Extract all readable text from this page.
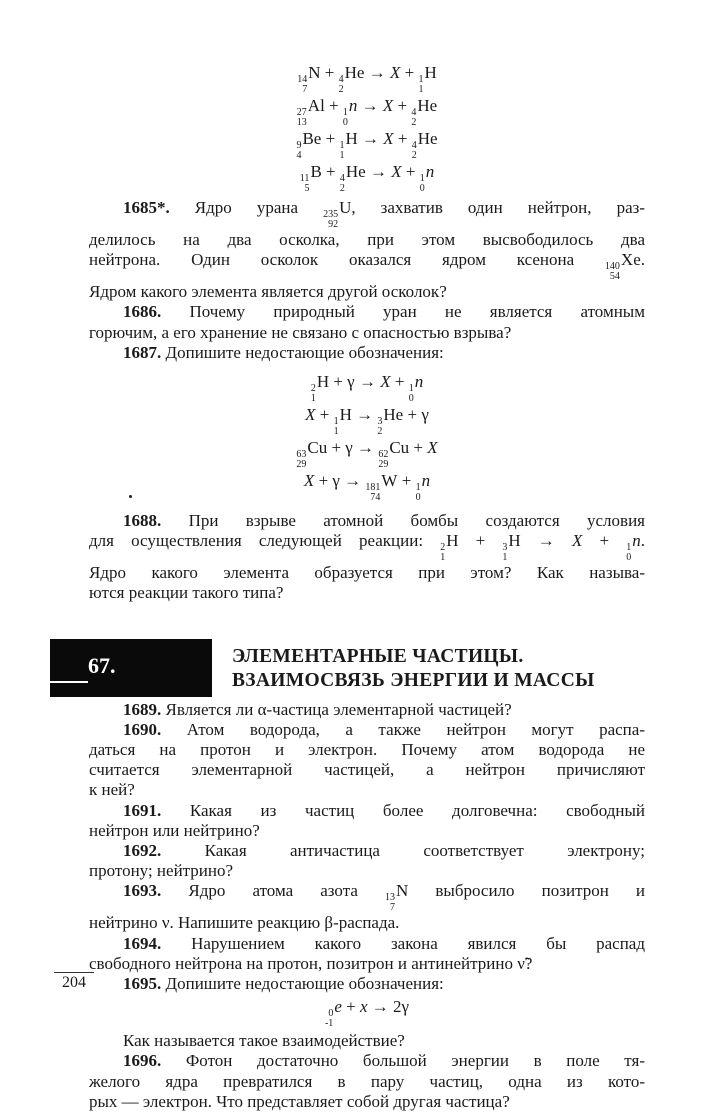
14
7
N + 4
2
He → X + 1
1
H
27
13
Al + 1
0
n → X + 4
2
He
9
4
Be + 1
1
H → X + 4
2
He
11
5
B + 4
2
He → X + 1
0
n
1685*. Ядро урана 235
92
U, захватив один нейтрон, раз-
делилось на два осколка, при этом высвободилось два
нейтрона. Один осколок оказался ядром ксенона 140
54
Xe.
Ядром какого элемента является другой осколок?
1686. Почему природный уран не является атомным
горючим, а его хранение не связано с опасностью взрыва?
1687. Допишите недостающие обозначения:
2
1
H + γ → X + 1
0
n
X + 1
1
H → 3
2
He + γ
63
29
Cu + γ → 62
29
Cu + X
X + γ → 181
74
W + 1
0
n
1688. При взрыве атомной бомбы создаются условия
для осуществления следующей реакции: 2
1
H + 3
1
H → X + 1
0
n.
Ядро какого элемента образуется при этом? Как называ-
ются реакции такого типа?
67.	ЭЛЕМЕНТАРНЫЕ ЧАСТИЦЫ.
ВЗАИМОСВЯЗЬ ЭНЕРГИИ И МАССЫ
1689. Является ли α-частица элементарной частицей?
1690. Атом водорода, а также нейтрон могут распа-
даться на протон и электрон. Почему атом водорода не
считается элементарной частицей, а нейтрон причисляют
к ней?
1691. Какая из частиц более долговечна: свободный
нейтрон или нейтрино?
1692. Какая античастица соответствует электрону;
протону; нейтрино?
1693. Ядро атома азота 13
7
N выбросило позитрон и
нейтрино ν. Напишите реакцию β-распада.
1694. Нарушением какого закона явился бы распад
свободного нейтрона на протон, позитрон и антинейтрино ν̃?
1695. Допишите недостающие обозначения:
0
-1
e + x → 2γ
Как называется такое взаимодействие?
1696. Фотон достаточно большой энергии в поле тя-
желого ядра превратился в пару частиц, одна из кото-
рых — электрон. Что представляет собой другая частица?
204
